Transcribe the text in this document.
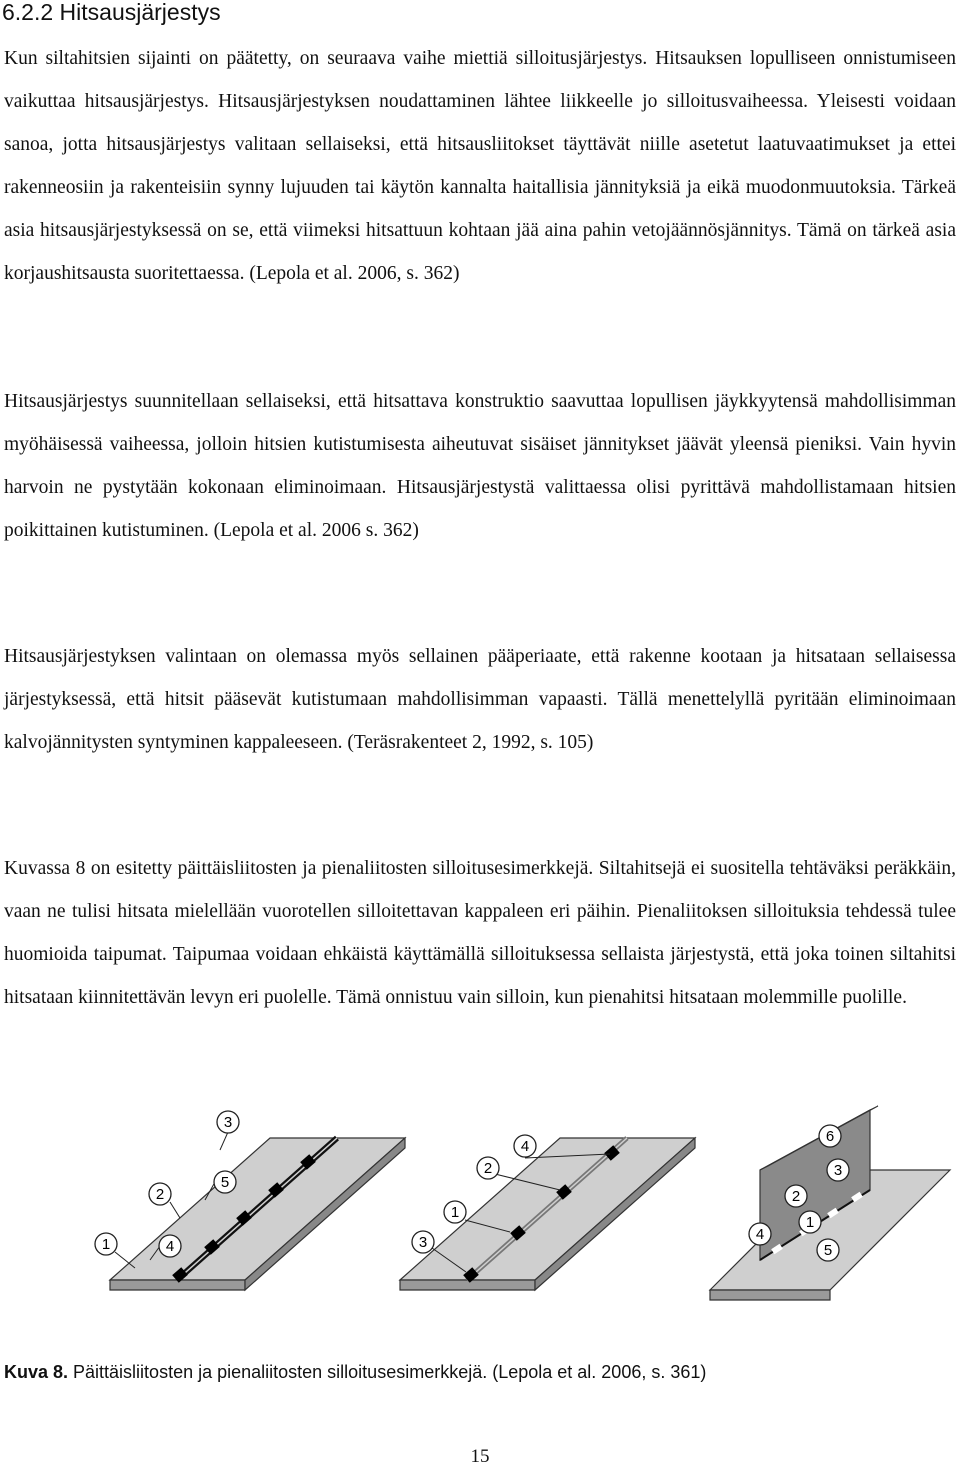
6.2.2 Hitsausjärjestys

Kun siltahitsien sijainti on päätetty, on seuraava vaihe miettiä silloitusjärjestys. Hitsauksen lopulliseen onnistumiseen vaikuttaa hitsausjärjestys. Hitsausjärjestyksen noudattaminen lähtee liikkeelle jo silloitusvaiheessa. Yleisesti voidaan sanoa, jotta hitsausjärjestys valitaan sellaiseksi, että hitsausliitokset täyttävät niille asetetut laatuvaatimukset ja ettei rakenneosiin ja rakenteisiin synny lujuuden tai käytön kannalta haitallisia jännityksiä ja eikä muodonmuutoksia. Tärkeä asia hitsausjärjestyksessä on se, että viimeksi hitsattuun kohtaan jää aina pahin vetojäännösjännitys. Tämä on tärkeä asia korjaushitsausta suoritettaessa. (Lepola et al. 2006, s. 362)

Hitsausjärjestys suunnitellaan sellaiseksi, että hitsattava konstruktio saavuttaa lopullisen jäykkyytensä mahdollisimman myöhäisessä vaiheessa, jolloin hitsien kutistumisesta aiheutuvat sisäiset jännitykset jäävät yleensä pieniksi. Vain hyvin harvoin ne pystytään kokonaan eliminoimaan. Hitsausjärjestystä valittaessa olisi pyrittävä mahdollistamaan hitsien poikittainen kutistuminen. (Lepola et al. 2006 s. 362)

Hitsausjärjestyksen valintaan on olemassa myös sellainen pääperiaate, että rakenne kootaan ja hitsataan sellaisessa järjestyksessä, että hitsit pääsevät kutistumaan mahdollisimman vapaasti. Tällä menettelyllä pyritään eliminoimaan kalvojännitysten syntyminen kappaleeseen. (Teräsrakenteet 2, 1992, s. 105)

Kuvassa 8 on esitetty päittäisliitosten ja pienaliitosten silloitusesimerkkejä. Siltahitsejä ei suositella tehtäväksi peräkkäin, vaan ne tulisi hitsata mielellään vuorotellen silloitettavan kappaleen eri päihin. Pienaliitoksen silloituksia tehdessä tulee huomioida taipumat. Taipumaa voidaan ehkäistä käyttämällä silloituksessa sellaista järjestystä, että joka toinen siltahitsi hitsataan kiinnitettävän levyn eri puolelle. Tämä onnistuu vain silloin, kun pienahitsi hitsataan molemmille puolille.

3
2
5
1	4
4
1
2
3
6
3
2
4
1
5

Kuva 8. Päittäisliitosten ja pienaliitosten silloitusesimerkkejä. (Lepola et al. 2006, s. 361)

15
